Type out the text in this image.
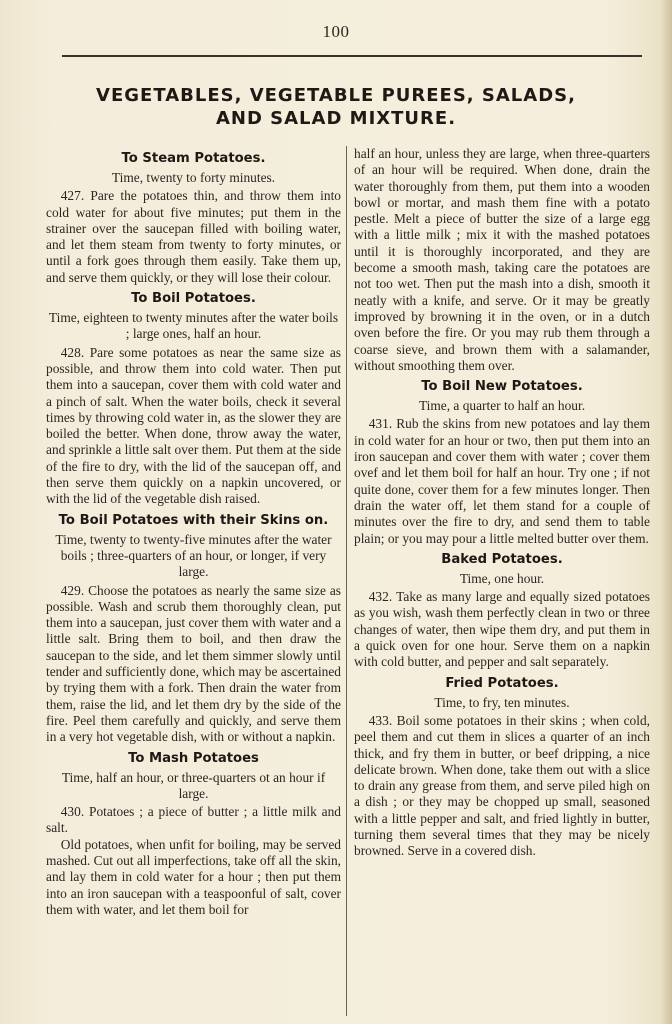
100
VEGETABLES, VEGETABLE PUREES, SALADS,
AND SALAD MIXTURE.
To Steam Potatoes.

Time, twenty to forty minutes.

427. Pare the potatoes thin, and throw them into cold water for about five minutes; put them in the strainer over the saucepan filled with boiling water, and let them steam from twenty to forty minutes, or until a fork goes through them easily. Take them up, and serve them quickly, or they will lose their colour.

To Boil Potatoes.

Time, eighteen to twenty minutes after the water boils ; large ones, half an hour.

428. Pare some potatoes as near the same size as possible, and throw them into cold water. Then put them into a saucepan, cover them with cold water and a pinch of salt. When the water boils, check it several times by throwing cold water in, as the slower they are boiled the better. When done, throw away the water, and sprinkle a little salt over them. Put them at the side of the fire to dry, with the lid of the saucepan off, and then serve them quickly on a napkin uncovered, or with the lid of the vegetable dish raised.

To Boil Potatoes with their Skins on.

Time, twenty to twenty-five minutes after the water boils ; three-quarters of an hour, or longer, if very large.

429. Choose the potatoes as nearly the same size as possible. Wash and scrub them thoroughly clean, put them into a saucepan, just cover them with water and a little salt. Bring them to boil, and then draw the saucepan to the side, and let them simmer slowly until tender and sufficiently done, which may be ascertained by trying them with a fork. Then drain the water from them, raise the lid, and let them dry by the side of the fire. Peel them carefully and quickly, and serve them in a very hot vegetable dish, with or without a napkin.

To Mash Potatoes

Time, half an hour, or three-quarters ot an hour if large.

430. Potatoes ; a piece of butter ; a little milk and salt.

Old potatoes, when unfit for boiling, may be served mashed. Cut out all imperfections, take off all the skin, and lay them in cold water for a hour ; then put them into an iron saucepan with a teaspoonful of salt, cover them with water, and let them boil for

half an hour, unless they are large, when three-quarters of an hour will be required. When done, drain the water thoroughly from them, put them into a wooden bowl or mortar, and mash them fine with a potato pestle. Melt a piece of butter the size of a large egg with a little milk ; mix it with the mashed potatoes until it is thoroughly incorporated, and they are become a smooth mash, taking care the potatoes are not too wet. Then put the mash into a dish, smooth it neatly with a knife, and serve. Or it may be greatly improved by browning it in the oven, or in a dutch oven before the fire. Or you may rub them through a coarse sieve, and brown them with a salamander, without smoothing them over.

To Boil New Potatoes.

Time, a quarter to half an hour.

431. Rub the skins from new potatoes and lay them in cold water for an hour or two, then put them into an iron saucepan and cover them with water ; cover them ovef and let them boil for half an hour. Try one ; if not quite done, cover them for a few minutes longer. Then drain the water off, let them stand for a couple of minutes over the fire to dry, and send them to table plain; or you may pour a little melted butter over them.

Baked Potatoes.

Time, one hour.

432. Take as many large and equally sized potatoes as you wish, wash them perfectly clean in two or three changes of water, then wipe them dry, and put them in a quick oven for one hour. Serve them on a napkin with cold butter, and pepper and salt separately.

Fried Potatoes.

Time, to fry, ten minutes.

433. Boil some potatoes in their skins ; when cold, peel them and cut them in slices a quarter of an inch thick, and fry them in butter, or beef dripping, a nice delicate brown. When done, take them out with a slice to drain any grease from them, and serve piled high on a dish ; or they may be chopped up small, seasoned with a little pepper and salt, and fried lightly in butter, turning them several times that they may be nicely browned. Serve in a covered dish.
